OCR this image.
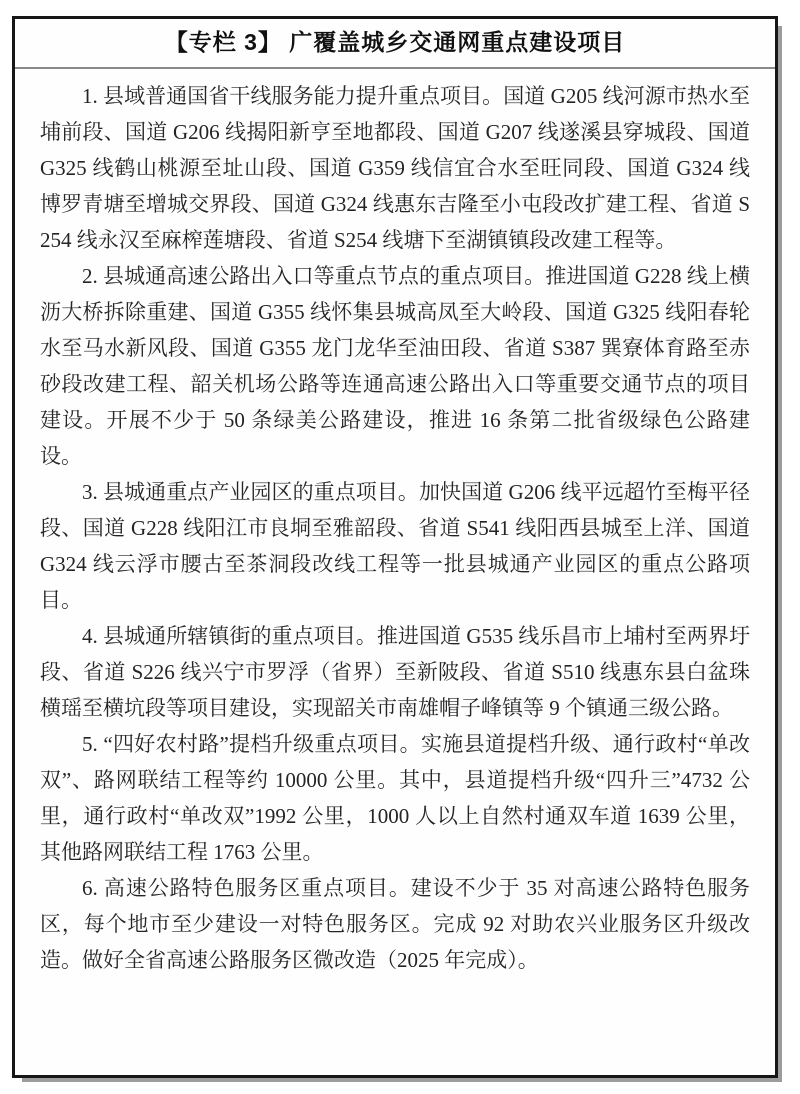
【专栏 3】 广覆盖城乡交通网重点建设项目

1. 县域普通国省干线服务能力提升重点项目。国道 G205 线河源市热水至埔前段、国道 G206 线揭阳新亨至地都段、国道 G207 线遂溪县穿城段、国道 G325 线鹤山桃源至址山段、国道 G359 线信宜合水至旺同段、国道 G324 线博罗青塘至增城交界段、国道 G324 线惠东吉隆至小屯段改扩建工程、省道 S254 线永汉至麻榨莲塘段、省道 S254 线塘下至湖镇镇段改建工程等。

2. 县城通高速公路出入口等重点节点的重点项目。推进国道 G228 线上横沥大桥拆除重建、国道 G355 线怀集县城高凤至大岭段、国道 G325 线阳春轮水至马水新风段、国道 G355 龙门龙华至油田段、省道 S387 巽寮体育路至赤砂段改建工程、韶关机场公路等连通高速公路出入口等重要交通节点的项目建设。开展不少于 50 条绿美公路建设，推进 16 条第二批省级绿色公路建设。

3. 县城通重点产业园区的重点项目。加快国道 G206 线平远超竹至梅平径段、国道 G228 线阳江市良垌至雅韶段、省道 S541 线阳西县城至上洋、国道 G324 线云浮市腰古至茶洞段改线工程等一批县城通产业园区的重点公路项目。

4. 县城通所辖镇街的重点项目。推进国道 G535 线乐昌市上埔村至两界圩段、省道 S226 线兴宁市罗浮（省界）至新陂段、省道 S510 线惠东县白盆珠横瑶至横坑段等项目建设，实现韶关市南雄帽子峰镇等 9 个镇通三级公路。

5. “四好农村路”提档升级重点项目。实施县道提档升级、通行政村“单改双”、路网联结工程等约 10000 公里。其中，县道提档升级“四升三”4732 公里，通行政村“单改双”1992 公里，1000 人以上自然村通双车道 1639 公里，其他路网联结工程 1763 公里。

6. 高速公路特色服务区重点项目。建设不少于 35 对高速公路特色服务区，每个地市至少建设一对特色服务区。完成 92 对助农兴业服务区升级改造。做好全省高速公路服务区微改造（2025 年完成）。
